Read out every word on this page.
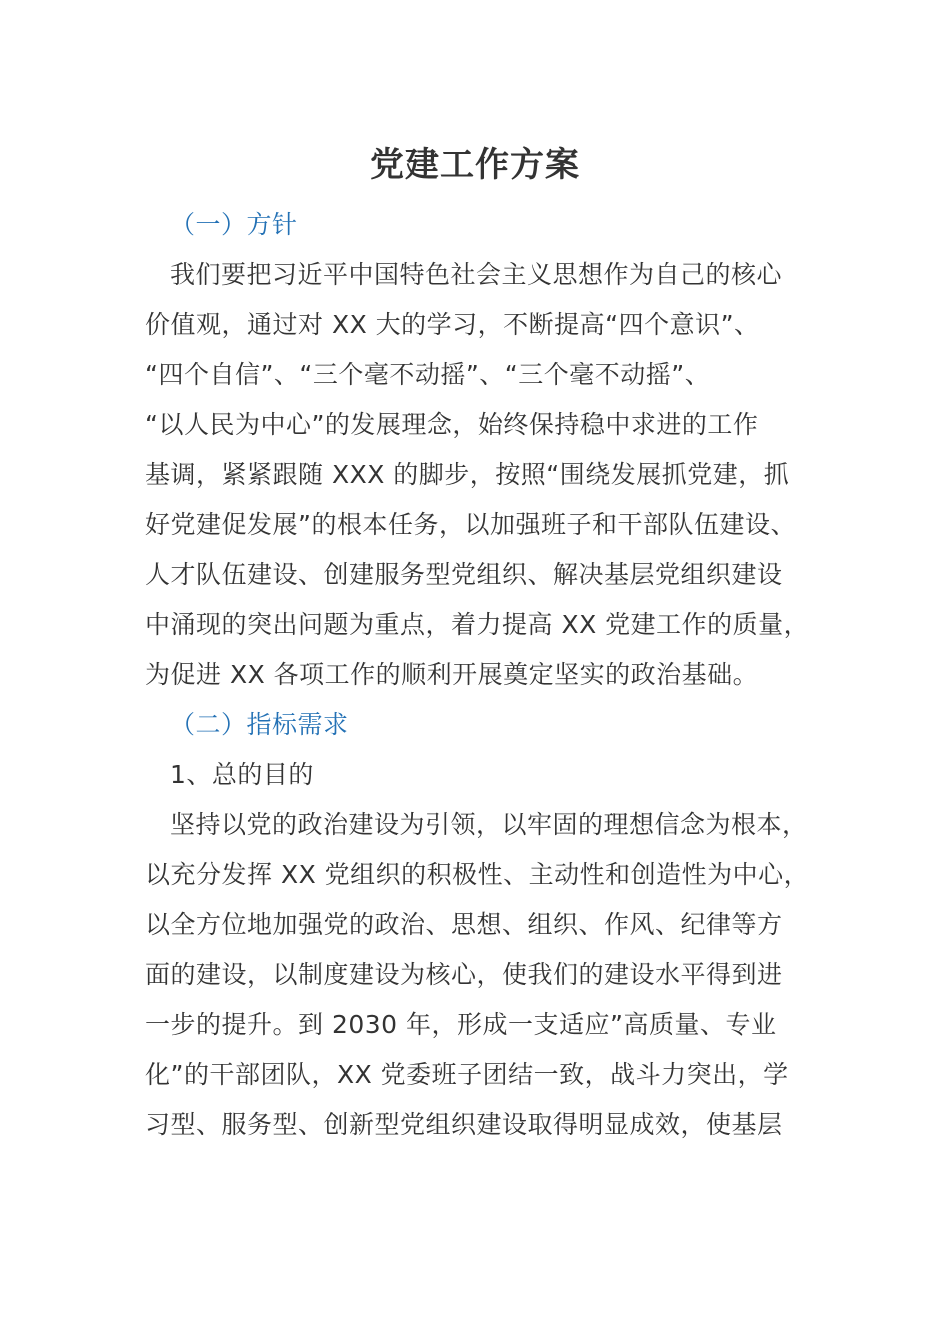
党建工作方案
（一）方针
我们要把习近平中国特色社会主义思想作为自己的核心
价值观，通过对 XX 大的学习，不断提高“四个意识”、
“四个自信”、“三个毫不动摇”、“三个毫不动摇”、
“以人民为中心”的发展理念，始终保持稳中求进的工作
基调，紧紧跟随 XXX 的脚步，按照“围绕发展抓党建，抓
好党建促发展”的根本任务，以加强班子和干部队伍建设、
人才队伍建设、创建服务型党组织、解决基层党组织建设
中涌现的突出问题为重点，着力提高 XX 党建工作的质量，
为促进 XX 各项工作的顺利开展奠定坚实的政治基础。
（二）指标需求
1、总的目的
坚持以党的政治建设为引领，以牢固的理想信念为根本，
以充分发挥 XX 党组织的积极性、主动性和创造性为中心，
以全方位地加强党的政治、思想、组织、作风、纪律等方
面的建设，以制度建设为核心，使我们的建设水平得到进
一步的提升。到 2030 年，形成一支适应”高质量、专业
化”的干部团队，XX 党委班子团结一致，战斗力突出，学
习型、服务型、创新型党组织建设取得明显成效，使基层
